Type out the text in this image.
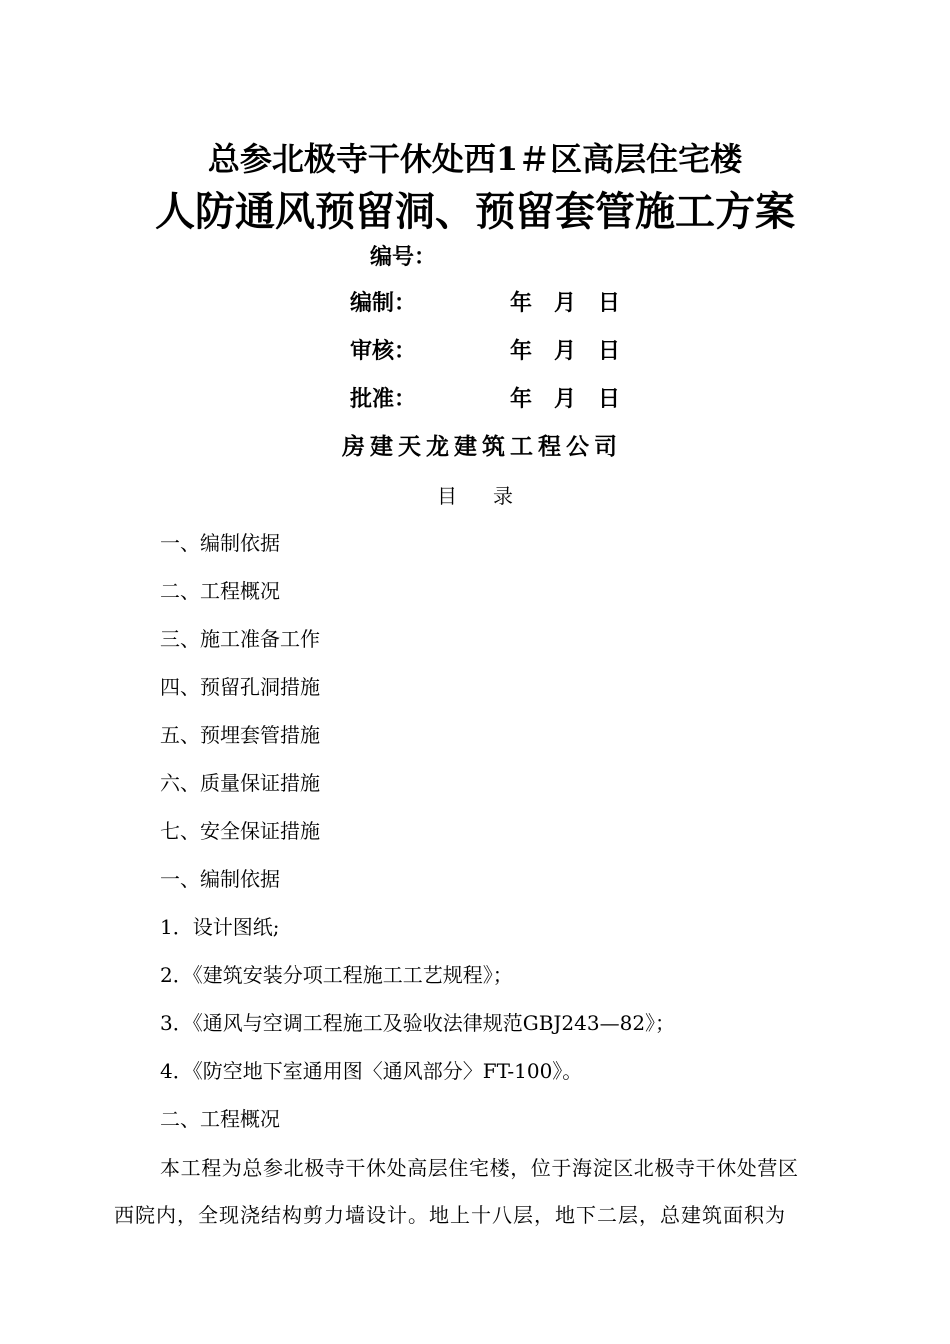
总参北极寺干休处西1＃区高层住宅楼
人防通风预留洞、预留套管施工方案
编号：
编制：	年 月 日
审核：	年 月 日
批准：	年 月 日
房建天龙建筑工程公司
目 录
一、编制依据
二、工程概况
三、施工准备工作
四、预留孔洞措施
五、预埋套管措施
六、质量保证措施
七、安全保证措施
一、编制依据
1．设计图纸;
2．《建筑安装分项工程施工工艺规程》；
3．《通风与空调工程施工及验收法律规范GBJ243—82》；
4．《防空地下室通用图〈通风部分〉FT-100》。
二、工程概况
本工程为总参北极寺干休处高层住宅楼，位于海淀区北极寺干休处营区
西院内，全现浇结构剪力墙设计。地上十八层，地下二层，总建筑面积为
